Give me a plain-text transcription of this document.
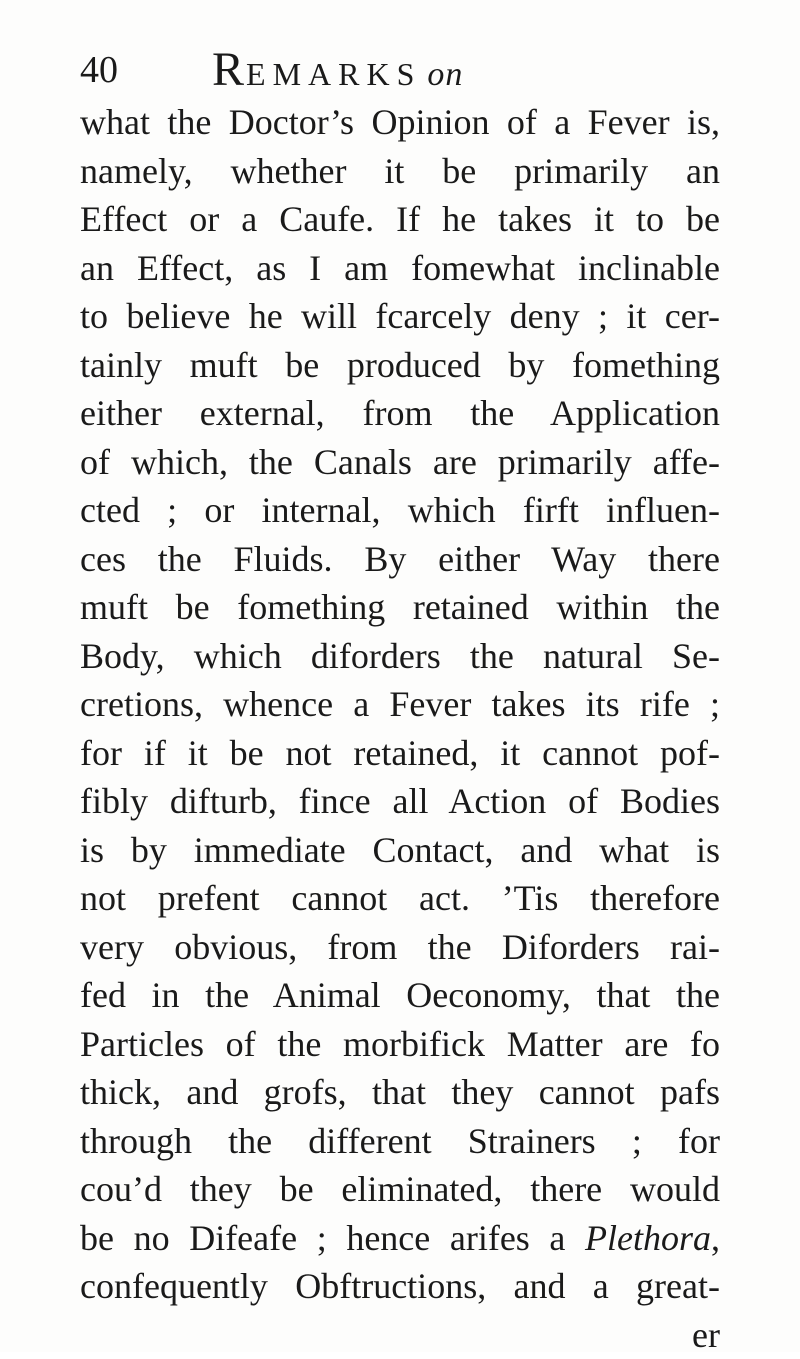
40 REMARKS on
what the Doctor’s Opinion of a Fever is,
namely, whether it be primarily an
Effect or a Caufe. If he takes it to be
an Effect, as I am fomewhat inclinable
to believe he will fcarcely deny ; it cer-
tainly muft be produced by fomething
either external, from the Application
of which, the Canals are primarily affe-
cted ; or internal, which firft influen-
ces the Fluids. By either Way there
muft be fomething retained within the
Body, which diforders the natural Se-
cretions, whence a Fever takes its rife ;
for if it be not retained, it cannot pof-
fibly difturb, fince all Action of Bodies
is by immediate Contact, and what is
not prefent cannot act. ’Tis therefore
very obvious, from the Diforders rai-
fed in the Animal Oeconomy, that the
Particles of the morbifick Matter are fo
thick, and grofs, that they cannot pafs
through the different Strainers ; for
cou’d they be eliminated, there would
be no Difeafe ; hence arifes a Plethora,
confequently Obftructions, and a great-
er
